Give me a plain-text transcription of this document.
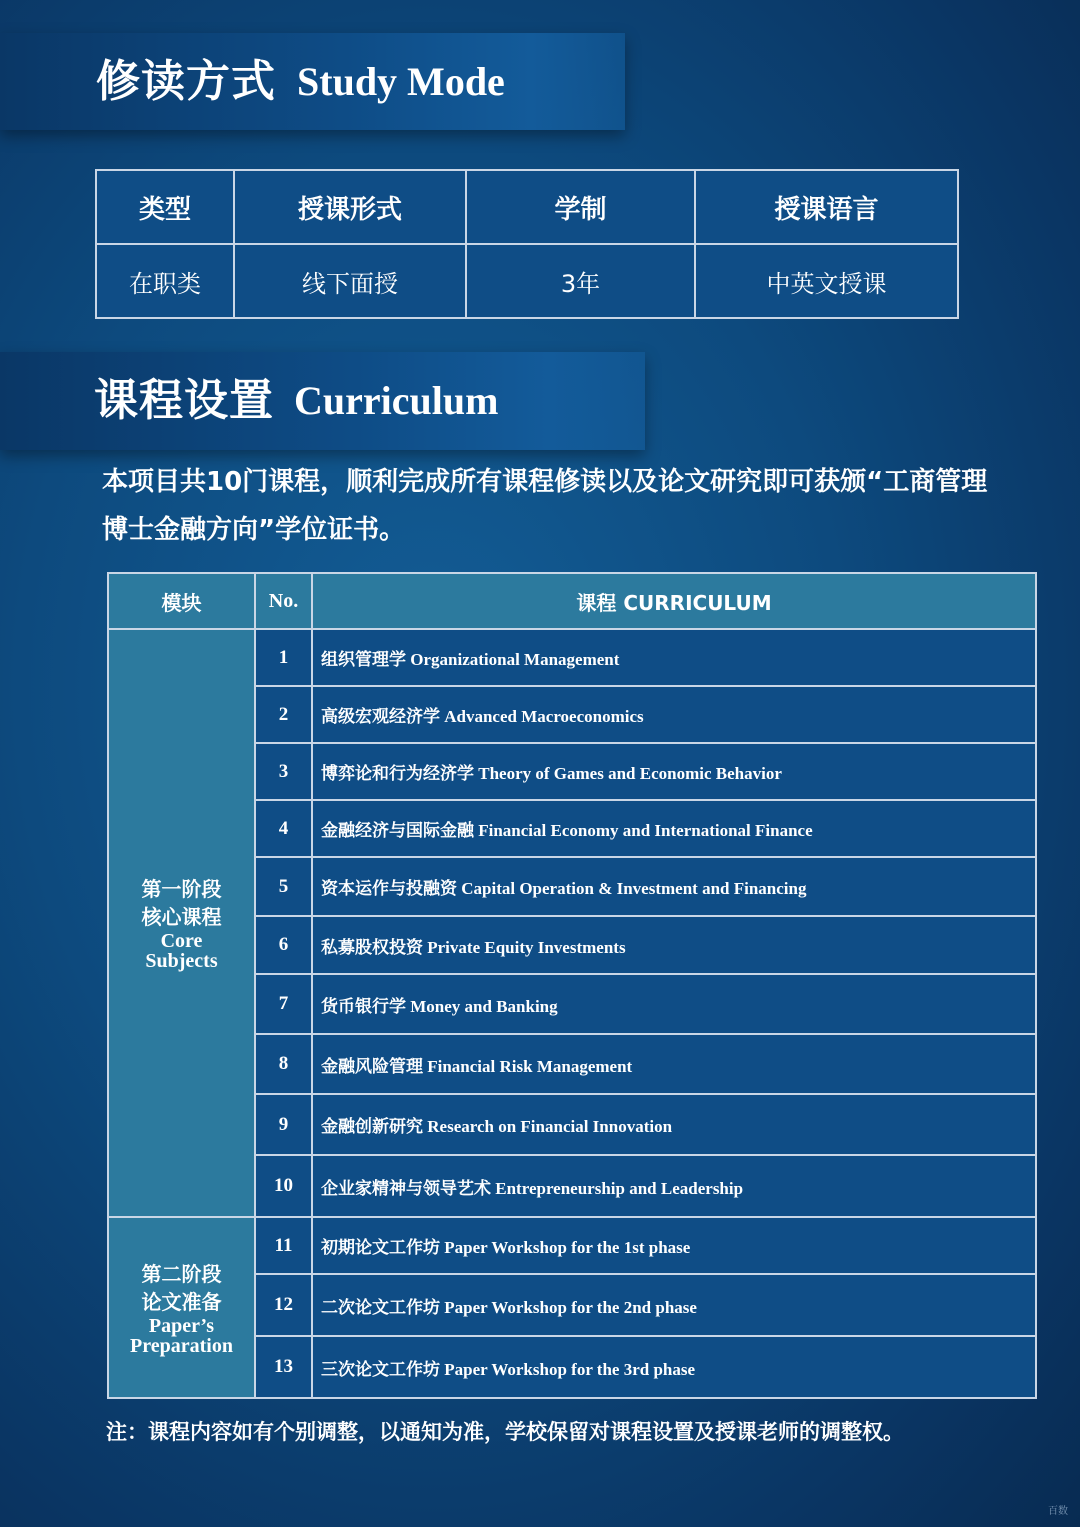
修读方式 Study Mode
类型	授课形式	学制	授课语言
在职类	线下面授	3年	中英文授课
课程设置 Curriculum
本项目共10门课程，顺利完成所有课程修读以及论文研究即可获颁“工商管理博士金融方向”学位证书。
模块	No.	课程 CURRICULUM

第一阶段
核心课程
Core
Subjects	1	组织管理学 Organizational Management
	2	高级宏观经济学 Advanced Macroeconomics
	3	博弈论和行为经济学 Theory of Games and Economic Behavior
	4	金融经济与国际金融 Financial Economy and International Finance
	5	资本运作与投融资 Capital Operation & Investment and Financing
	6	私募股权投资 Private Equity Investments
	7	货币银行学 Money and Banking
	8	金融风险管理 Financial Risk Management
	9	金融创新研究 Research on Financial Innovation
	10	企业家精神与领导艺术 Entrepreneurship and Leadership

第二阶段
论文准备
Paper’s
Preparation	11	初期论文工作坊 Paper Workshop for the 1st phase
	12	二次论文工作坊 Paper Workshop for the 2nd phase
	13	三次论文工作坊 Paper Workshop for the 3rd phase
注：课程内容如有个别调整，以通知为准，学校保留对课程设置及授课老师的调整权。
百数
